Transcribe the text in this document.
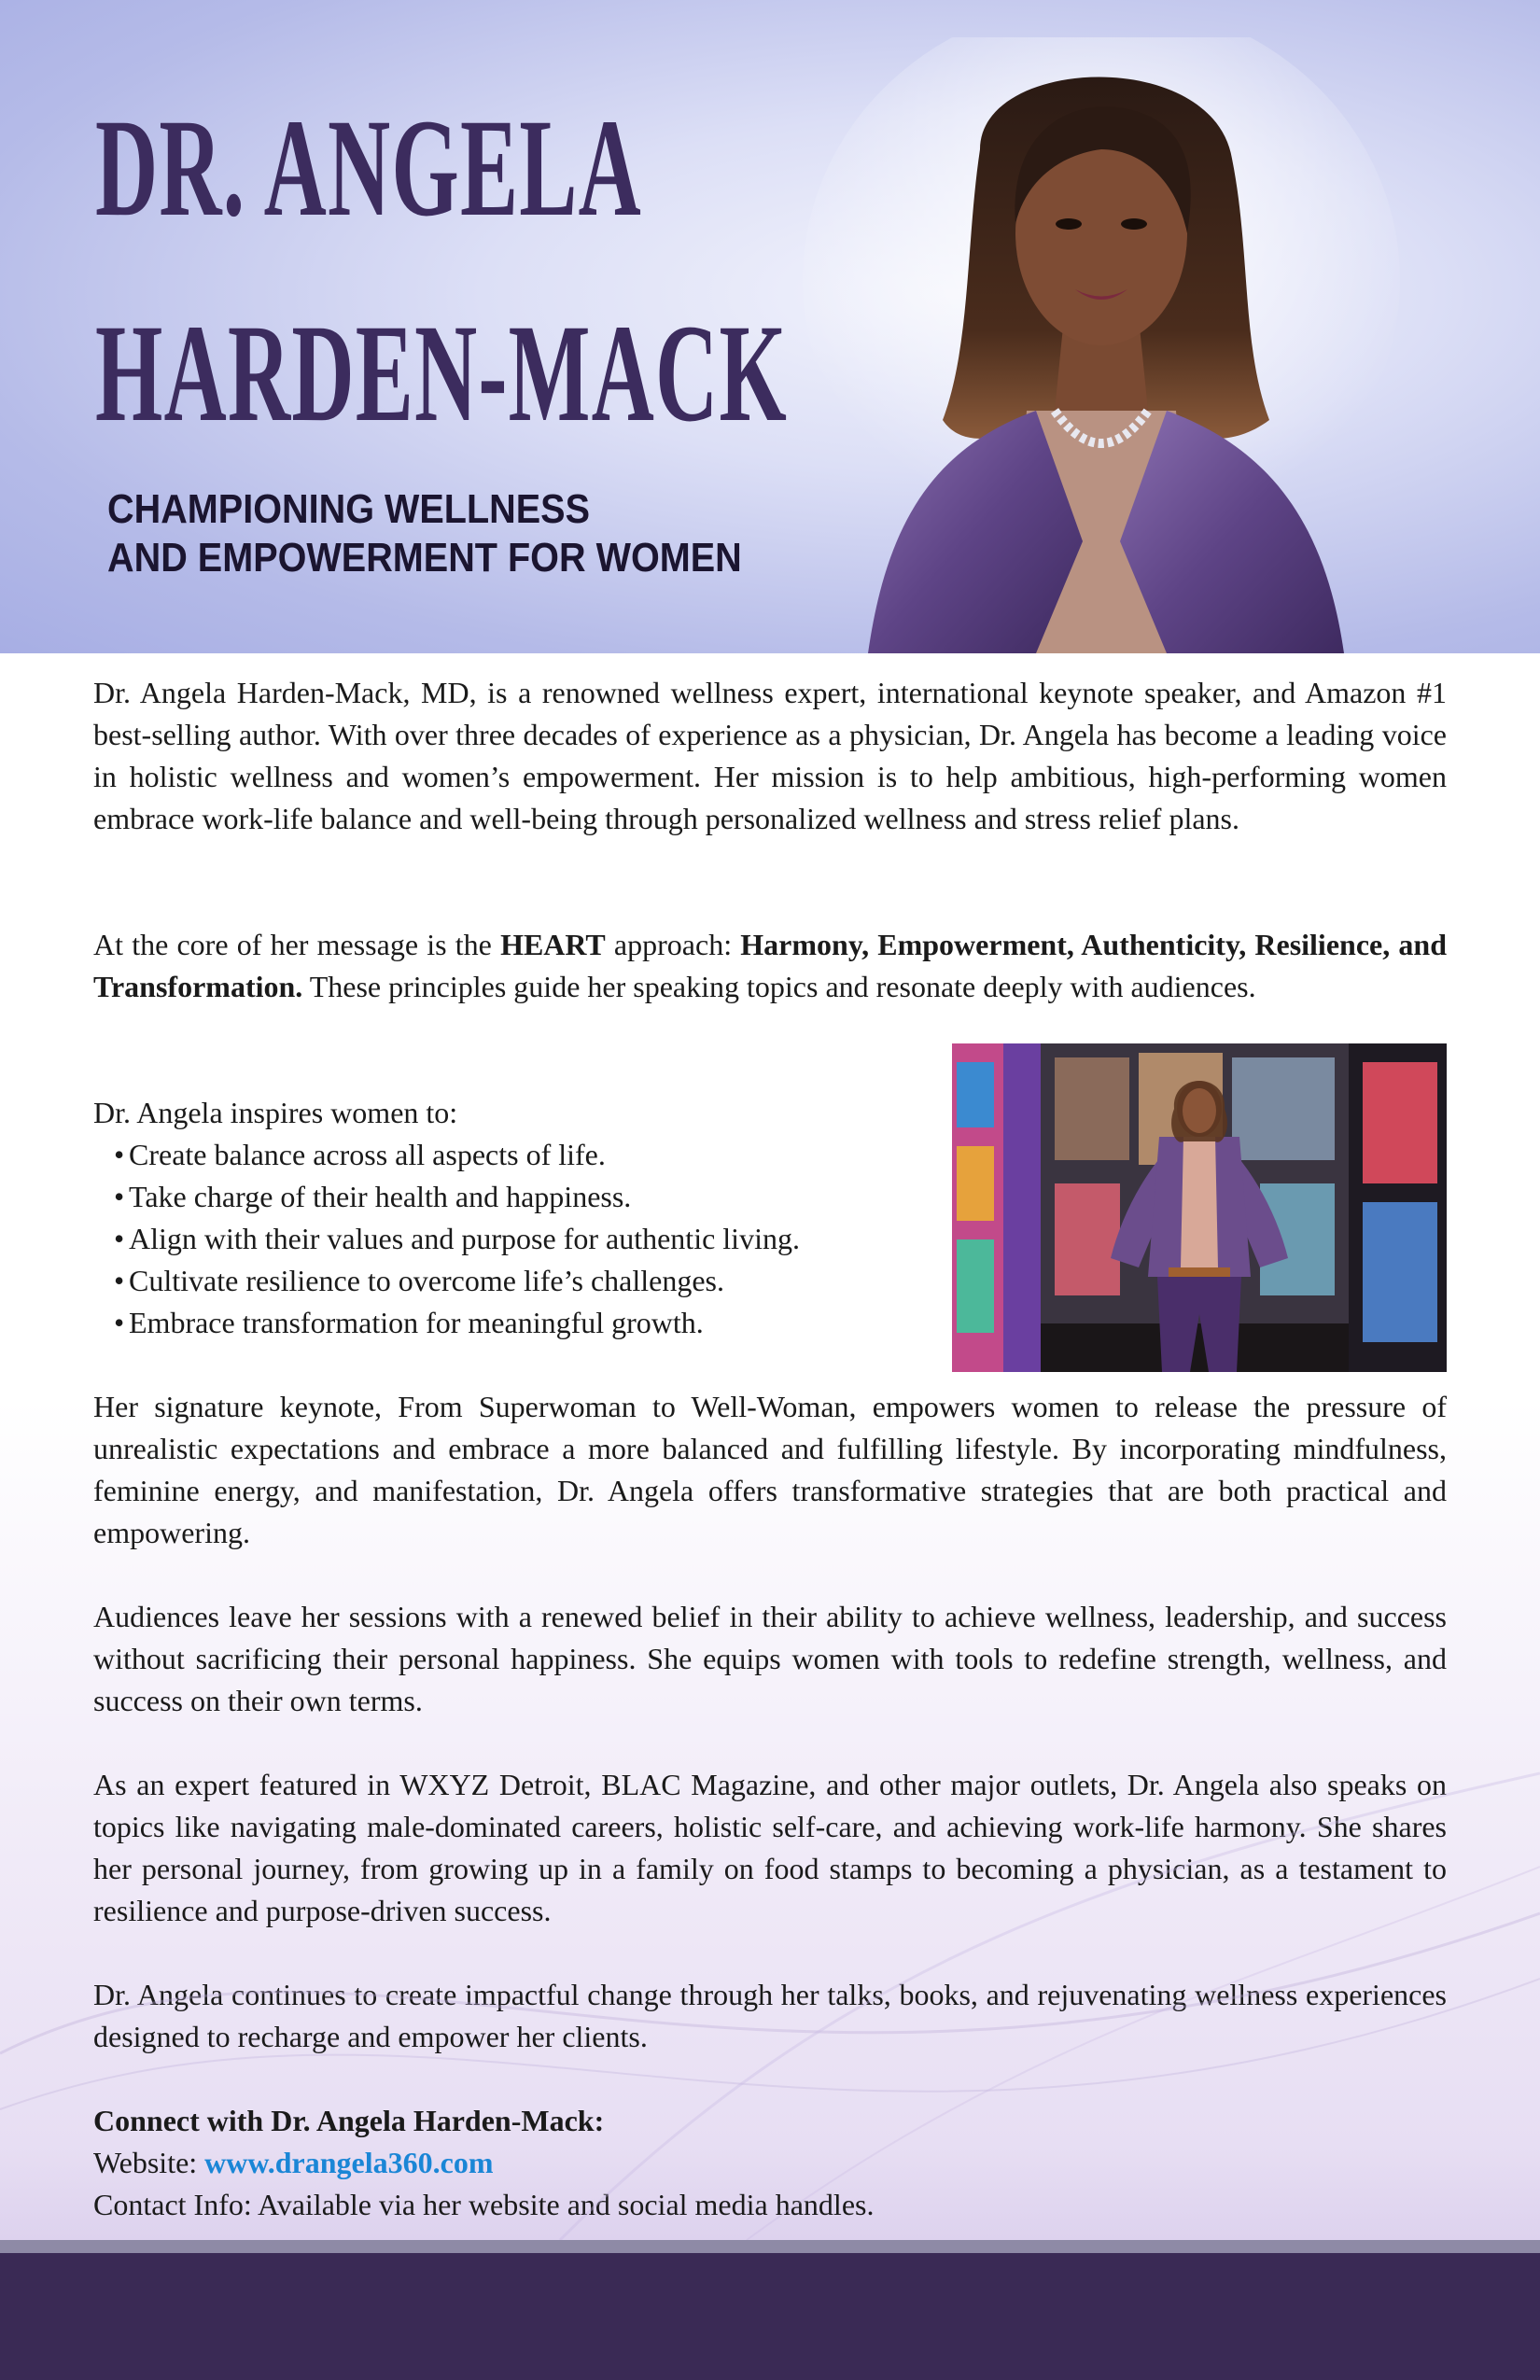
DR. ANGELA
HARDEN-MACK
CHAMPIONING WELLNESS
AND EMPOWERMENT FOR WOMEN

Dr. Angela Harden-Mack, MD, is a renowned wellness expert, international keynote speaker, and Amazon #1 best-selling author. With over three decades of experience as a physician, Dr. Angela has become a leading voice in holistic wellness and women’s empowerment. Her mission is to help ambitious, high-performing women embrace work-life balance and well-being through personalized wellness and stress relief plans.

At the core of her message is the HEART approach: Harmony, Empowerment, Authenticity, Resilience, and Transformation. These principles guide her speaking topics and resonate deeply with audiences.

Dr. Angela inspires women to:
• Create balance across all aspects of life.
• Take charge of their health and happiness.
• Align with their values and purpose for authentic living.
• Cultivate resilience to overcome life’s challenges.
• Embrace transformation for meaningful growth.

Her signature keynote, From Superwoman to Well-Woman, empowers women to release the pressure of unrealistic expectations and embrace a more balanced and fulfilling lifestyle. By incorporating mindfulness, feminine energy, and manifestation, Dr. Angela offers transformative strategies that are both practical and empowering.

Audiences leave her sessions with a renewed belief in their ability to achieve wellness, leadership, and success without sacrificing their personal happiness. She equips women with tools to redefine strength, wellness, and success on their own terms.

As an expert featured in WXYZ Detroit, BLAC Magazine, and other major outlets, Dr. Angela also speaks on topics like navigating male-dominated careers, holistic self-care, and achieving work-life harmony. She shares her personal journey, from growing up in a family on food stamps to becoming a physician, as a testament to resilience and purpose-driven success.

Dr. Angela continues to create impactful change through her talks, books, and rejuvenating wellness experiences designed to recharge and empower her clients.

Connect with Dr. Angela Harden-Mack:
Website: www.drangela360.com
Contact Info: Available via her website and social media handles.
